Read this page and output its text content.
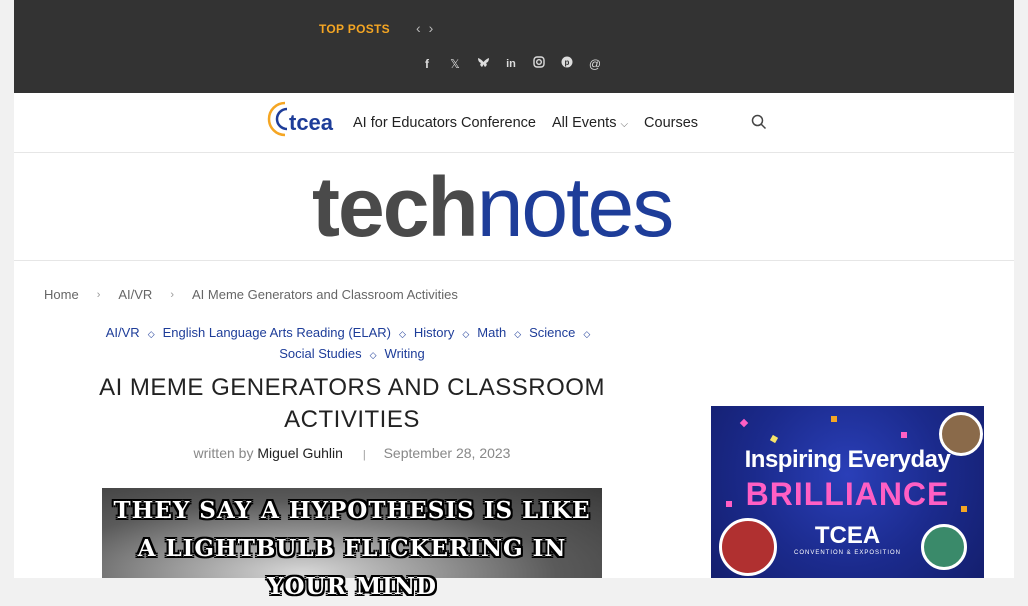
TOP POSTS ‹ ›
f	𝕏	in	p @
tcea AI for Educators Conference All Events ⌵ Courses
technotes
Home › AI/VR › AI Meme Generators and Classroom Activities
AI/VR ◇ English Language Arts Reading (ELAR) ◇ History ◇ Math ◇ Science ◇
Social Studies ◇ Writing
AI MEME GENERATORS AND CLASSROOM ACTIVITIES
written by Miguel Guhlin | September 28, 2023
THEY SAY A HYPOTHESIS IS LIKE A LIGHTBULB FLICKERING IN YOUR MIND
Inspiring Everyday
BRILLIANCE
TCEA
CONVENTION & EXPOSITION
